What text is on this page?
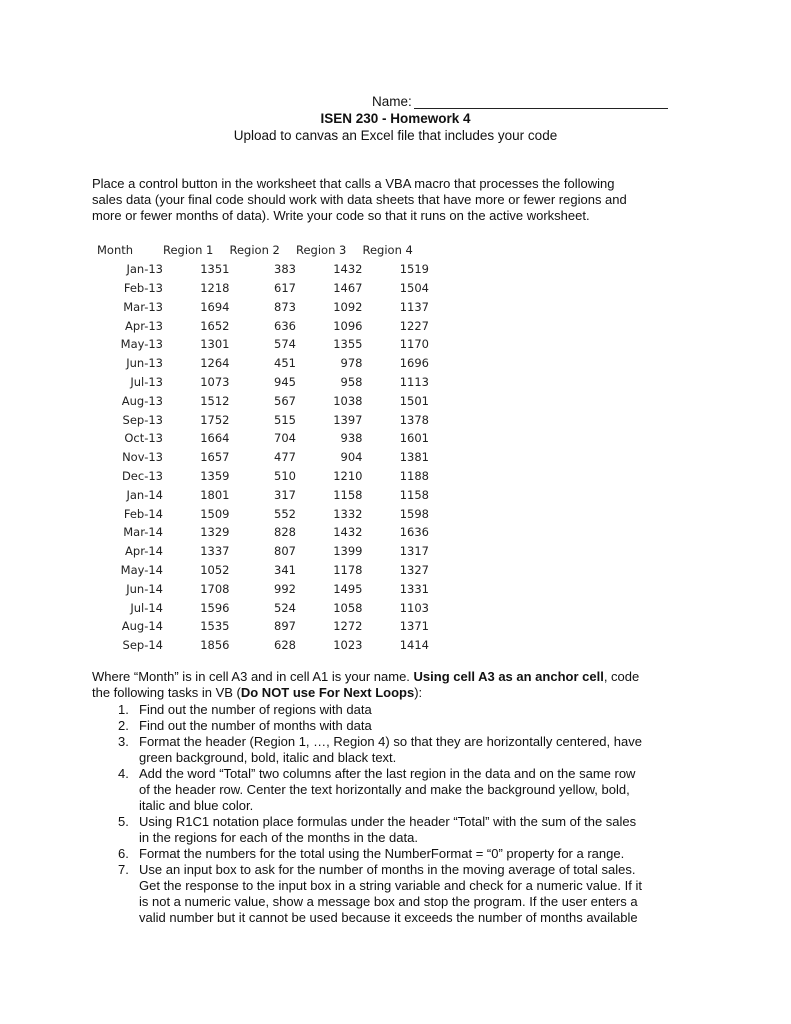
Name:
ISEN 230 - Homework 4
Upload to canvas an Excel file that includes your code
Place a control button in the worksheet that calls a VBA macro that processes the following
sales data (your final code should work with data sheets that have more or fewer regions and
more or fewer months of data). Write your code so that it runs on the active worksheet.
Month	Region 1	Region 2	Region 3	Region 4
Jan-13	1351	383	1432	1519
Feb-13	1218	617	1467	1504
Mar-13	1694	873	1092	1137
Apr-13	1652	636	1096	1227
May-13	1301	574	1355	1170
Jun-13	1264	451	978	1696
Jul-13	1073	945	958	1113
Aug-13	1512	567	1038	1501
Sep-13	1752	515	1397	1378
Oct-13	1664	704	938	1601
Nov-13	1657	477	904	1381
Dec-13	1359	510	1210	1188
Jan-14	1801	317	1158	1158
Feb-14	1509	552	1332	1598
Mar-14	1329	828	1432	1636
Apr-14	1337	807	1399	1317
May-14	1052	341	1178	1327
Jun-14	1708	992	1495	1331
Jul-14	1596	524	1058	1103
Aug-14	1535	897	1272	1371
Sep-14	1856	628	1023	1414
Where “Month” is in cell A3 and in cell A1 is your name. Using cell A3 as an anchor cell, code
the following tasks in VB (Do NOT use For Next Loops):
1. Find out the number of regions with data
2. Find out the number of months with data
3. Format the header (Region 1, …, Region 4) so that they are horizontally centered, have
green background, bold, italic and black text.
4. Add the word “Total” two columns after the last region in the data and on the same row
of the header row. Center the text horizontally and make the background yellow, bold,
italic and blue color.
5. Using R1C1 notation place formulas under the header “Total” with the sum of the sales
in the regions for each of the months in the data.
6. Format the numbers for the total using the NumberFormat = “0” property for a range.
7. Use an input box to ask for the number of months in the moving average of total sales.
Get the response to the input box in a string variable and check for a numeric value. If it
is not a numeric value, show a message box and stop the program. If the user enters a
valid number but it cannot be used because it exceeds the number of months available
